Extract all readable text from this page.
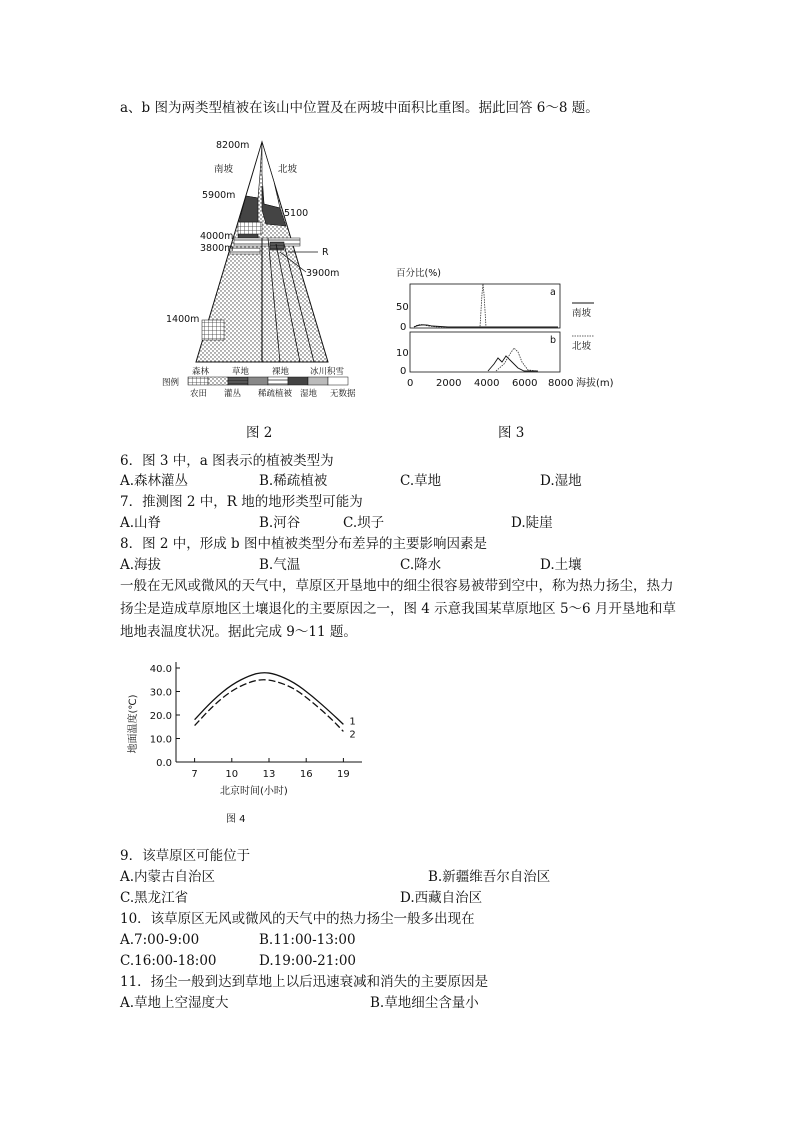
a、b 图为两类型植被在该山中位置及在两坡中面积比重图。据此回答 6～8 题。
8200m
南坡	北坡
5900m
5100
4000m
3800m	R
3900m
1400m
图例
森林	草地	裸地 冰川积雪
农田 灌丛 稀疏植被 湿地 无数据
图 2
百分比(%)
a
50
0
b
10
0
0 2000 4000 6000 8000 海拔(m)
南坡
北坡
图 3
6．图 3 中，a 图表示的植被类型为
A.森林灌丛	B.稀疏植被	C.草地	D.湿地
7．推测图 2 中，R 地的地形类型可能为
A.山脊	B.河谷	C.坝子	D.陡崖
8．图 2 中，形成 b 图中植被类型分布差异的主要影响因素是
A.海拔	B.气温	C.降水	D.土壤
一般在无风或微风的天气中，草原区开垦地中的细尘很容易被带到空中，称为热力扬尘，热力扬尘是造成草原地区土壤退化的主要原因之一，图 4 示意我国某草原地区 5～6 月开垦地和草地地表温度状况。据此完成 9～11 题。
地面温度(℃)
40.0
30.0
20.0
10.0
0.0
7	10 13 16 19
1
2
北京时间(小时)
图 4
9．该草原区可能位于
A.内蒙古自治区	B.新疆维吾尔自治区
C.黑龙江省	D.西藏自治区
10．该草原区无风或微风的天气中的热力扬尘一般多出现在
A.7:00-9:00	B.11:00-13:00
C.16:00-18:00	D.19:00-21:00
11．扬尘一般到达到草地上以后迅速衰减和消失的主要原因是
A.草地上空湿度大	B.草地细尘含量小
